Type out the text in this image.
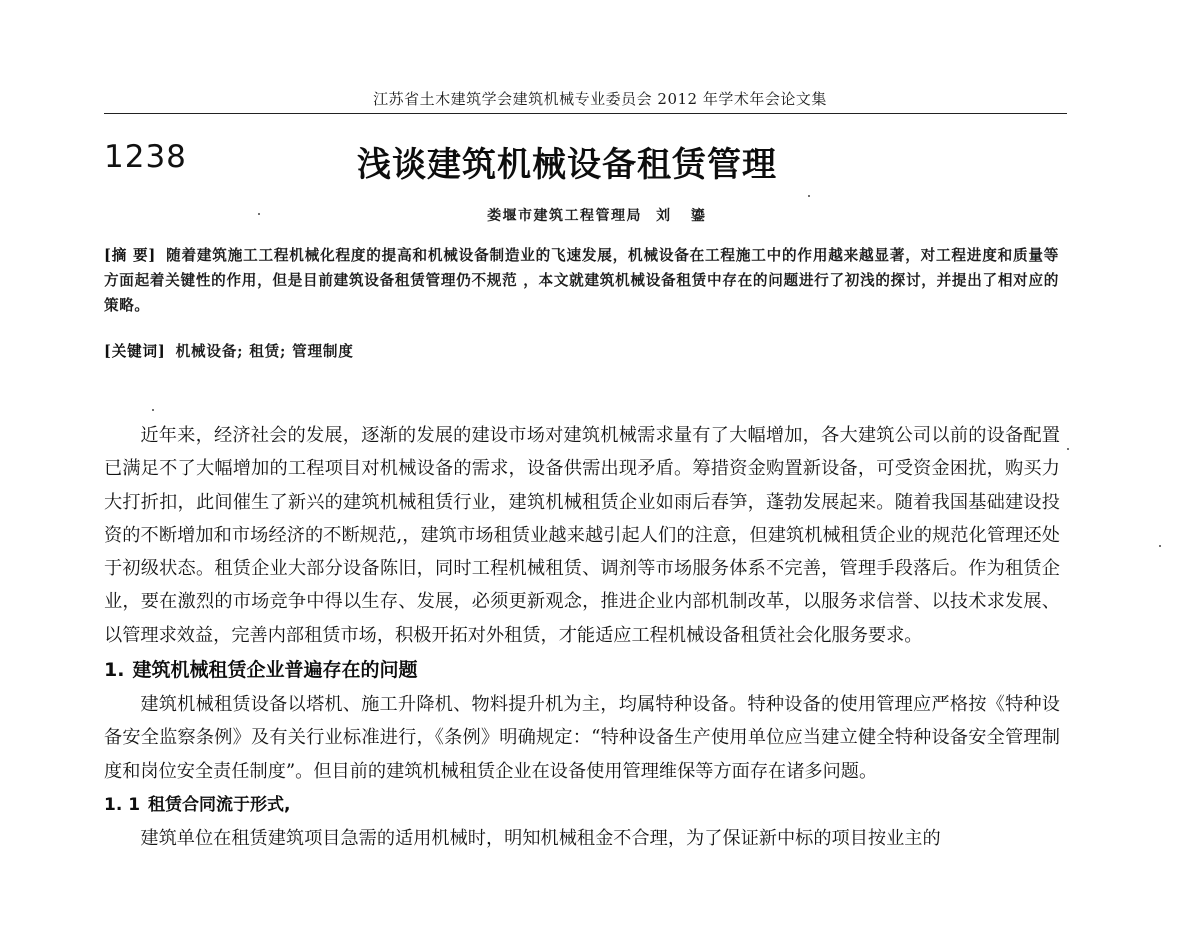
江苏省土木建筑学会建筑机械专业委员会 2012 年学术年会论文集
1238	浅谈建筑机械设备租赁管理
娄堰市建筑工程管理局 刘 鎏
[摘 要] 随着建筑施工工程机械化程度的提高和机械设备制造业的飞速发展，机械设备在工程施工中的作用越来越显著，对工程进度和质量等方面起着关键性的作用，但是目前建筑设备租赁管理仍不规范 ，本文就建筑机械设备租赁中存在的问题进行了初浅的探讨，并提出了相对应的策略。
[关键词] 机械设备; 租赁; 管理制度

近年来，经济社会的发展，逐渐的发展的建设市场对建筑机械需求量有了大幅增加，各大建筑公司以前的设备配置已满足不了大幅增加的工程项目对机械设备的需求，设备供需出现矛盾。筹措资金购置新设备，可受资金困扰，购买力大打折扣，此间催生了新兴的建筑机械租赁行业，建筑机械租赁企业如雨后春笋，蓬勃发展起来。随着我国基础建设投资的不断增加和市场经济的不断规范,，建筑市场租赁业越来越引起人们的注意，但建筑机械租赁企业的规范化管理还处于初级状态。租赁企业大部分设备陈旧，同时工程机械租赁、调剂等市场服务体系不完善，管理手段落后。作为租赁企业，要在激烈的市场竞争中得以生存、发展，必须更新观念，推进企业内部机制改革，以服务求信誉、以技术求发展、以管理求效益，完善内部租赁市场，积极开拓对外租赁，才能适应工程机械设备租赁社会化服务要求。

1. 建筑机械租赁企业普遍存在的问题

建筑机械租赁设备以塔机、施工升降机、物料提升机为主，均属特种设备。特种设备的使用管理应严格按《特种设备安全监察条例》及有关行业标准进行，《条例》明确规定：“特种设备生产使用单位应当建立健全特种设备安全管理制度和岗位安全责任制度”。但目前的建筑机械租赁企业在设备使用管理维保等方面存在诸多问题。

1. 1 租赁合同流于形式,

建筑单位在租赁建筑项目急需的适用机械时，明知机械租金不合理，为了保证新中标的项目按业主的
